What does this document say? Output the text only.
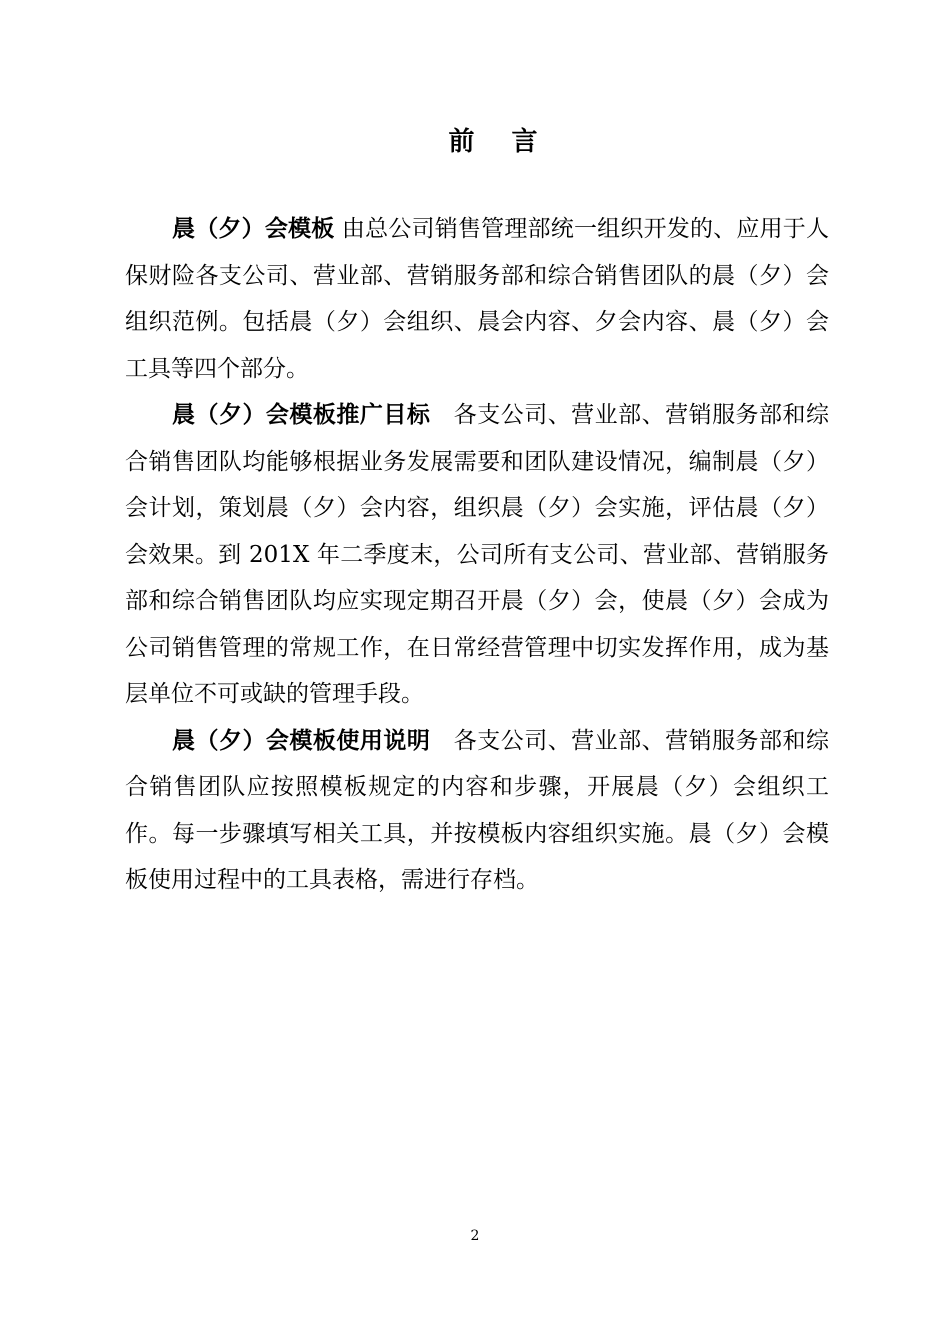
前 言

晨（夕）会模板 由总公司销售管理部统一组织开发的、应用于人保财险各支公司、营业部、营销服务部和综合销售团队的晨（夕）会组织范例。包括晨（夕）会组织、晨会内容、夕会内容、晨（夕）会工具等四个部分。

晨（夕）会模板推广目标　各支公司、营业部、营销服务部和综合销售团队均能够根据业务发展需要和团队建设情况，编制晨（夕）会计划，策划晨（夕）会内容，组织晨（夕）会实施，评估晨（夕）会效果。到 201X 年二季度末，公司所有支公司、营业部、营销服务部和综合销售团队均应实现定期召开晨（夕）会，使晨（夕）会成为公司销售管理的常规工作，在日常经营管理中切实发挥作用，成为基层单位不可或缺的管理手段。

晨（夕）会模板使用说明　各支公司、营业部、营销服务部和综合销售团队应按照模板规定的内容和步骤，开展晨（夕）会组织工作。每一步骤填写相关工具，并按模板内容组织实施。晨（夕）会模板使用过程中的工具表格，需进行存档。

2
